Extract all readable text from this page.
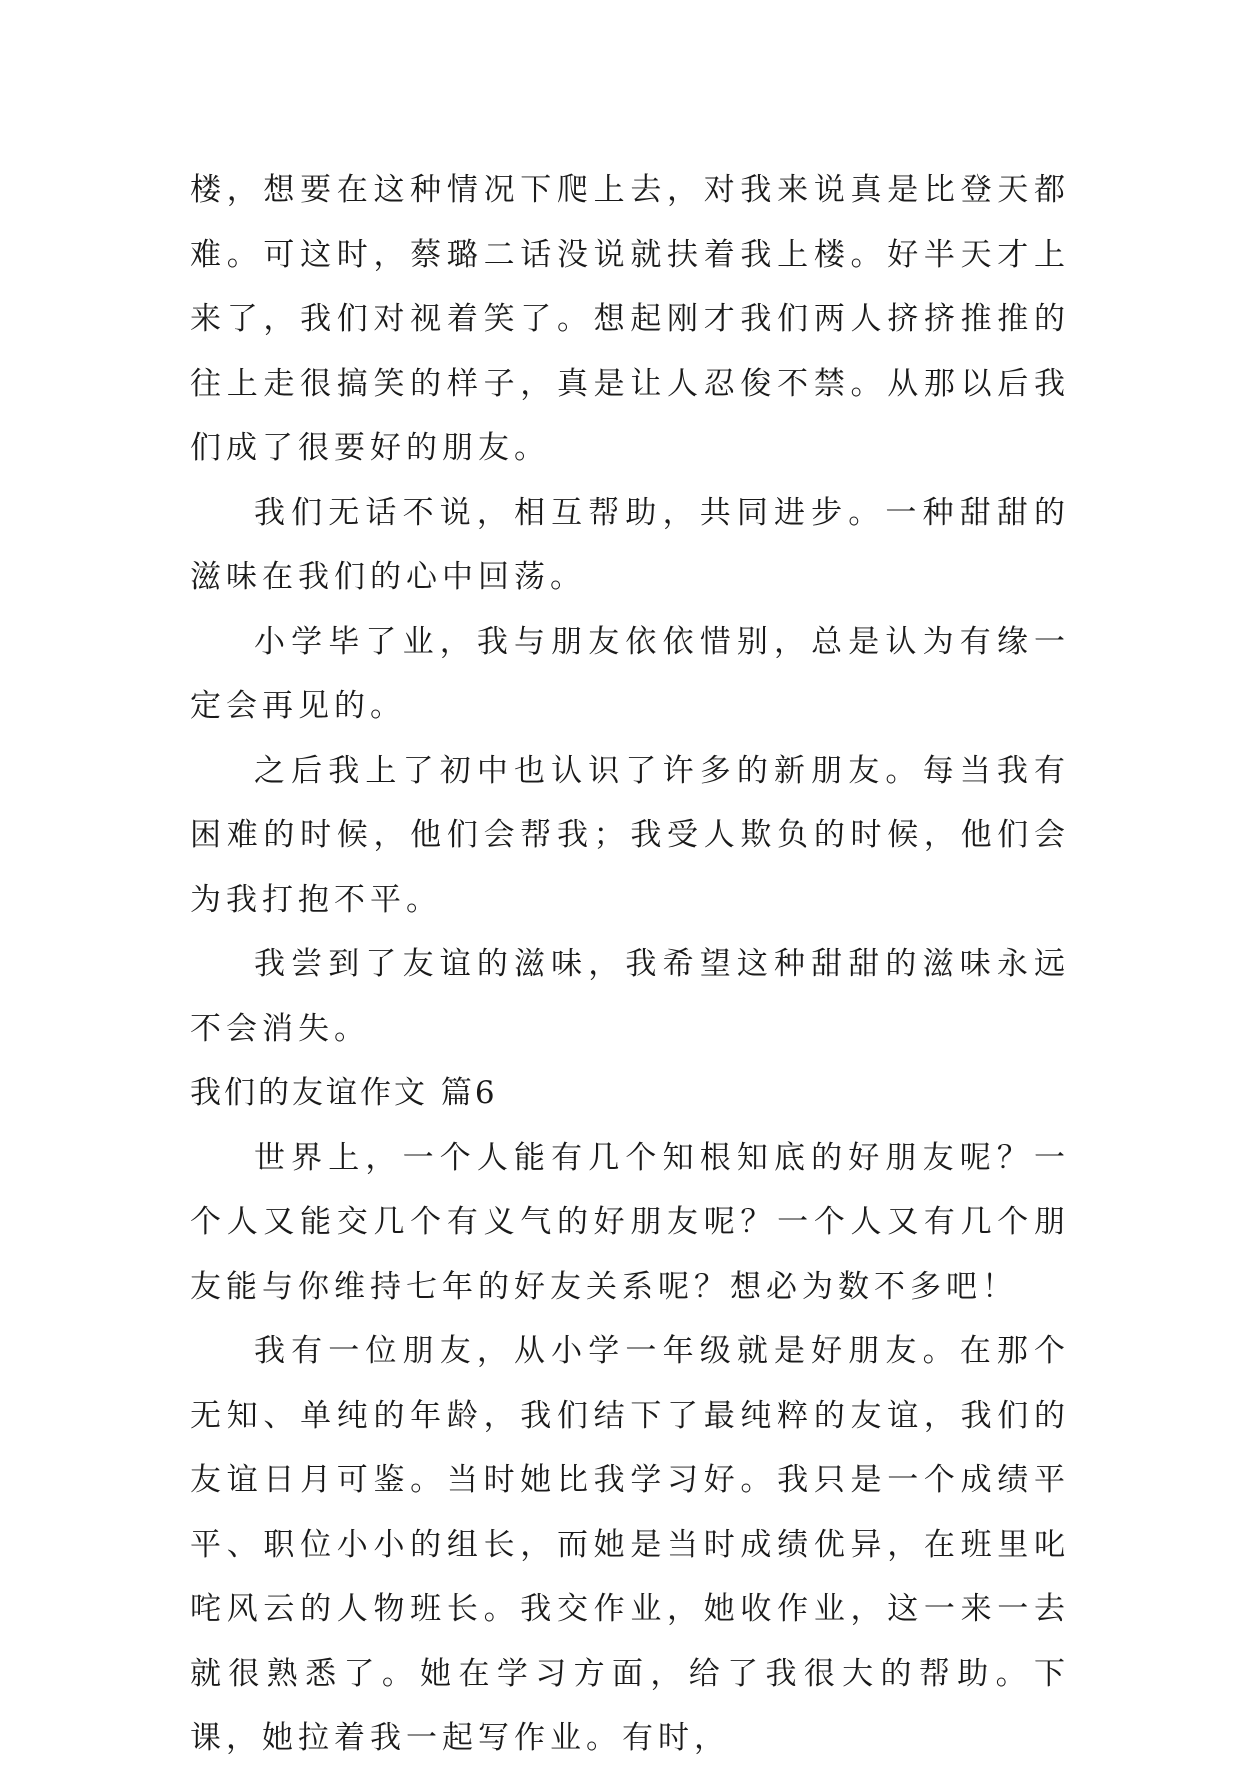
楼，想要在这种情况下爬上去，对我来说真是比登天都难。可这时，蔡璐二话没说就扶着我上楼。好半天才上来了，我们对视着笑了。想起刚才我们两人挤挤推推的往上走很搞笑的样子，真是让人忍俊不禁。从那以后我们成了很要好的朋友。

我们无话不说，相互帮助，共同进步。一种甜甜的滋味在我们的心中回荡。

小学毕了业，我与朋友依依惜别，总是认为有缘一定会再见的。

之后我上了初中也认识了许多的新朋友。每当我有困难的时候，他们会帮我；我受人欺负的时候，他们会为我打抱不平。

我尝到了友谊的滋味，我希望这种甜甜的滋味永远不会消失。

我们的友谊作文 篇6

世界上，一个人能有几个知根知底的好朋友呢？一个人又能交几个有义气的好朋友呢？一个人又有几个朋友能与你维持七年的好友关系呢？想必为数不多吧！

我有一位朋友，从小学一年级就是好朋友。在那个无知、单纯的年龄，我们结下了最纯粹的友谊，我们的友谊日月可鉴。当时她比我学习好。我只是一个成绩平平、职位小小的组长，而她是当时成绩优异，在班里叱咤风云的人物班长。我交作业，她收作业，这一来一去就很熟悉了。她在学习方面，给了我很大的帮助。下课，她拉着我一起写作业。有时，
